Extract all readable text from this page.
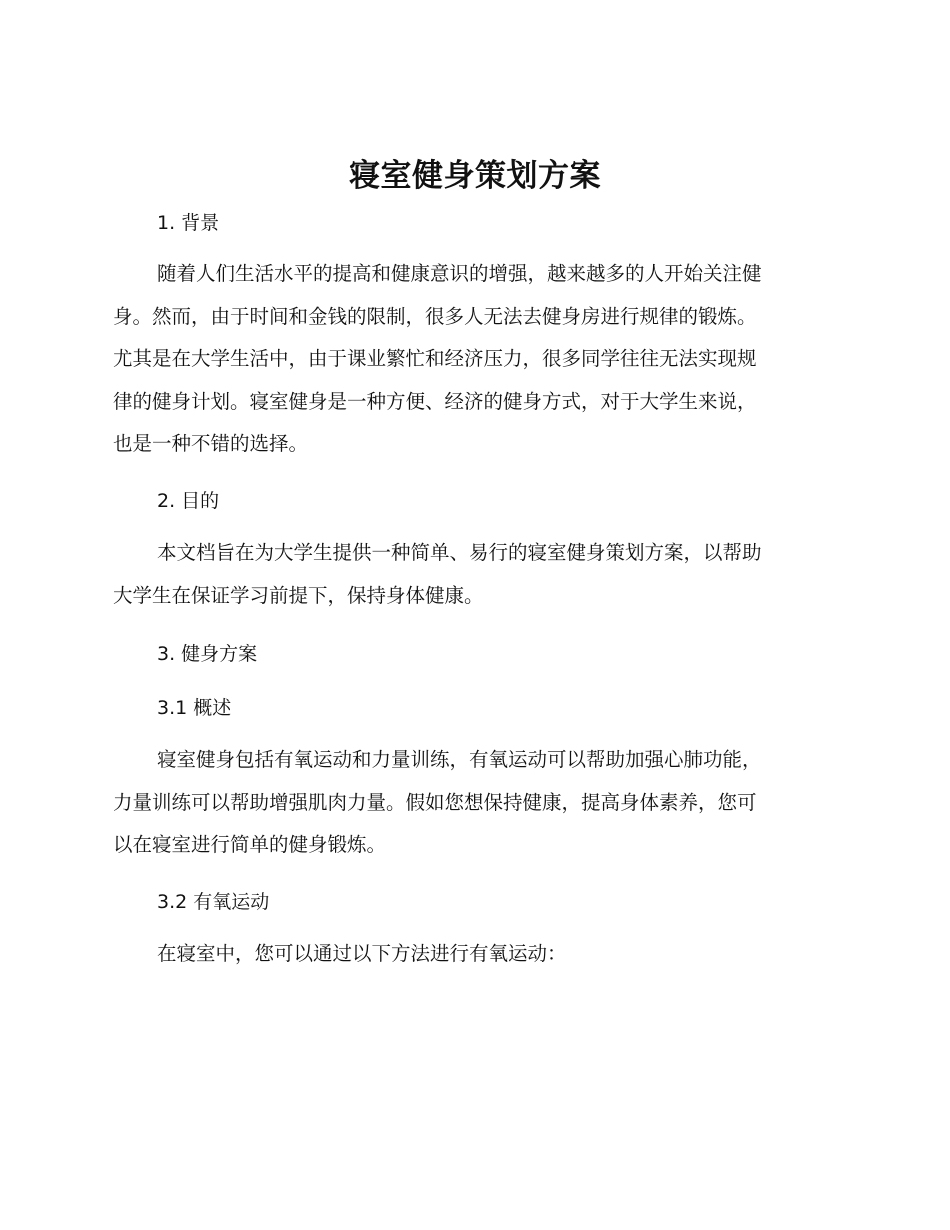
寝室健身策划方案
1. 背景

随着人们生活水平的提高和健康意识的增强，越来越多的人开始关注健
身。然而，由于时间和金钱的限制，很多人无法去健身房进行规律的锻炼。
尤其是在大学生活中，由于课业繁忙和经济压力，很多同学往往无法实现规
律的健身计划。寝室健身是一种方便、经济的健身方式，对于大学生来说，
也是一种不错的选择。

2. 目的

本文档旨在为大学生提供一种简单、易行的寝室健身策划方案，以帮助
大学生在保证学习前提下，保持身体健康。

3. 健身方案
3.1 概述

寝室健身包括有氧运动和力量训练，有氧运动可以帮助加强心肺功能，
力量训练可以帮助增强肌肉力量。假如您想保持健康，提高身体素养，您可
以在寝室进行简单的健身锻炼。

3.2 有氧运动

在寝室中，您可以通过以下方法进行有氧运动：
